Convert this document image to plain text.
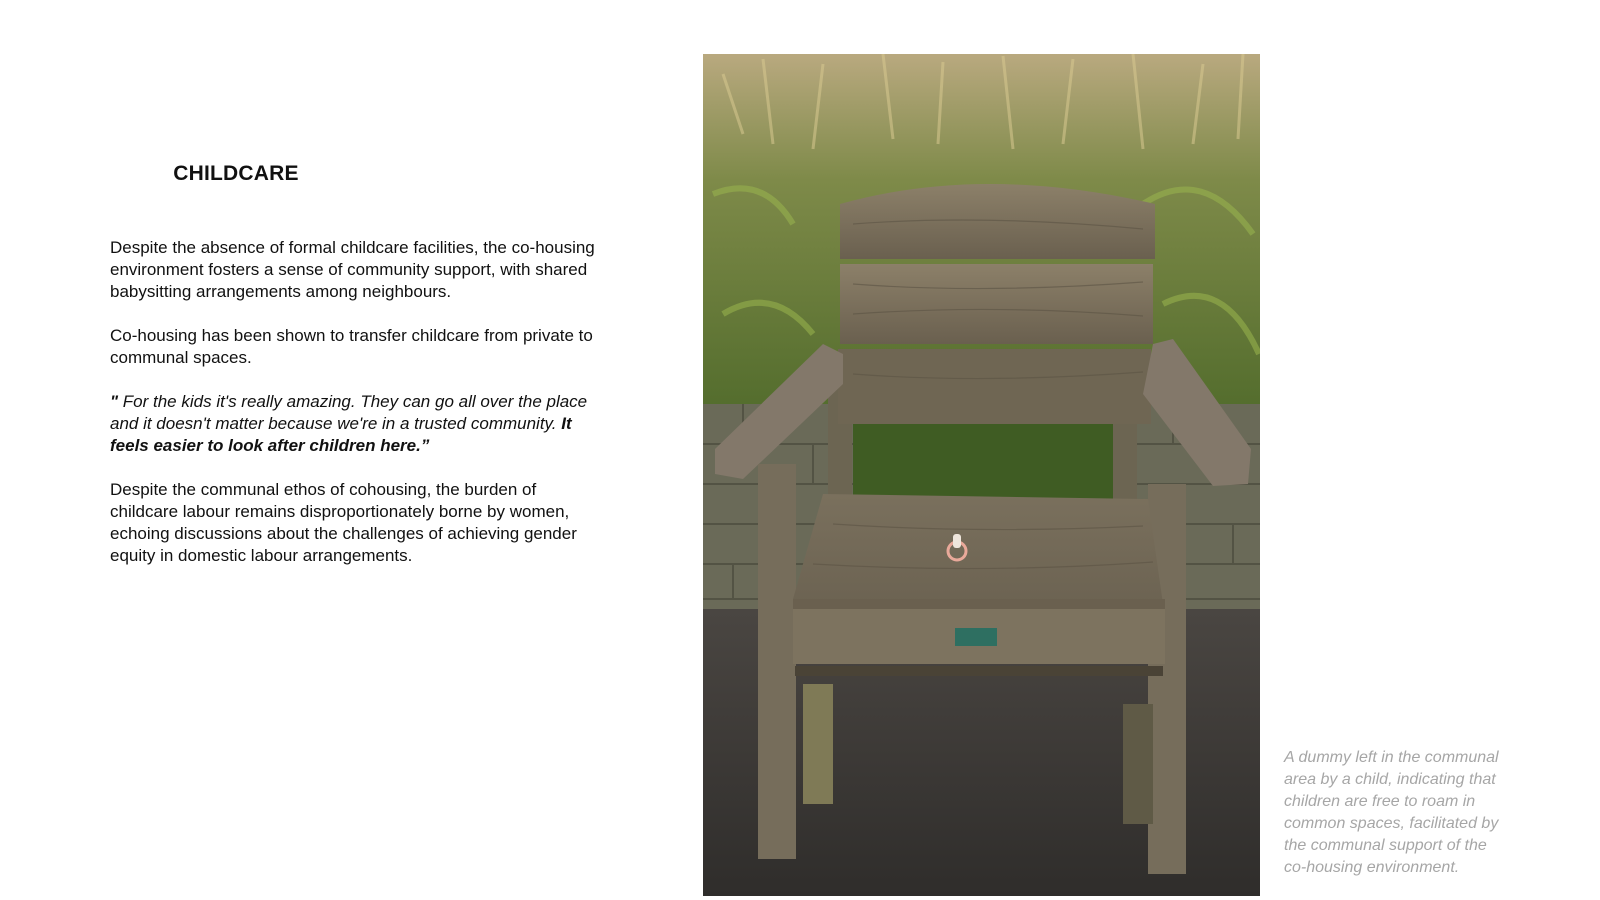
CHILDCARE

Despite the absence of formal childcare facilities, the co-housing environment fosters a sense of community support, with shared babysitting arrangements among neighbours.

Co-housing has been shown to transfer childcare from private to communal spaces.

" For the kids it's really amazing. They can go all over the place and it doesn't matter because we're in a trusted community. It feels easier to look after children here.”

Despite the communal ethos of cohousing, the burden of childcare labour remains disproportionately borne by women, echoing discussions about the challenges of achieving gender equity in domestic labour arrangements.

A dummy left in the communal area by a child, indicating that children are free to roam in common spaces, facilitated by the communal support of the co-housing environment.
